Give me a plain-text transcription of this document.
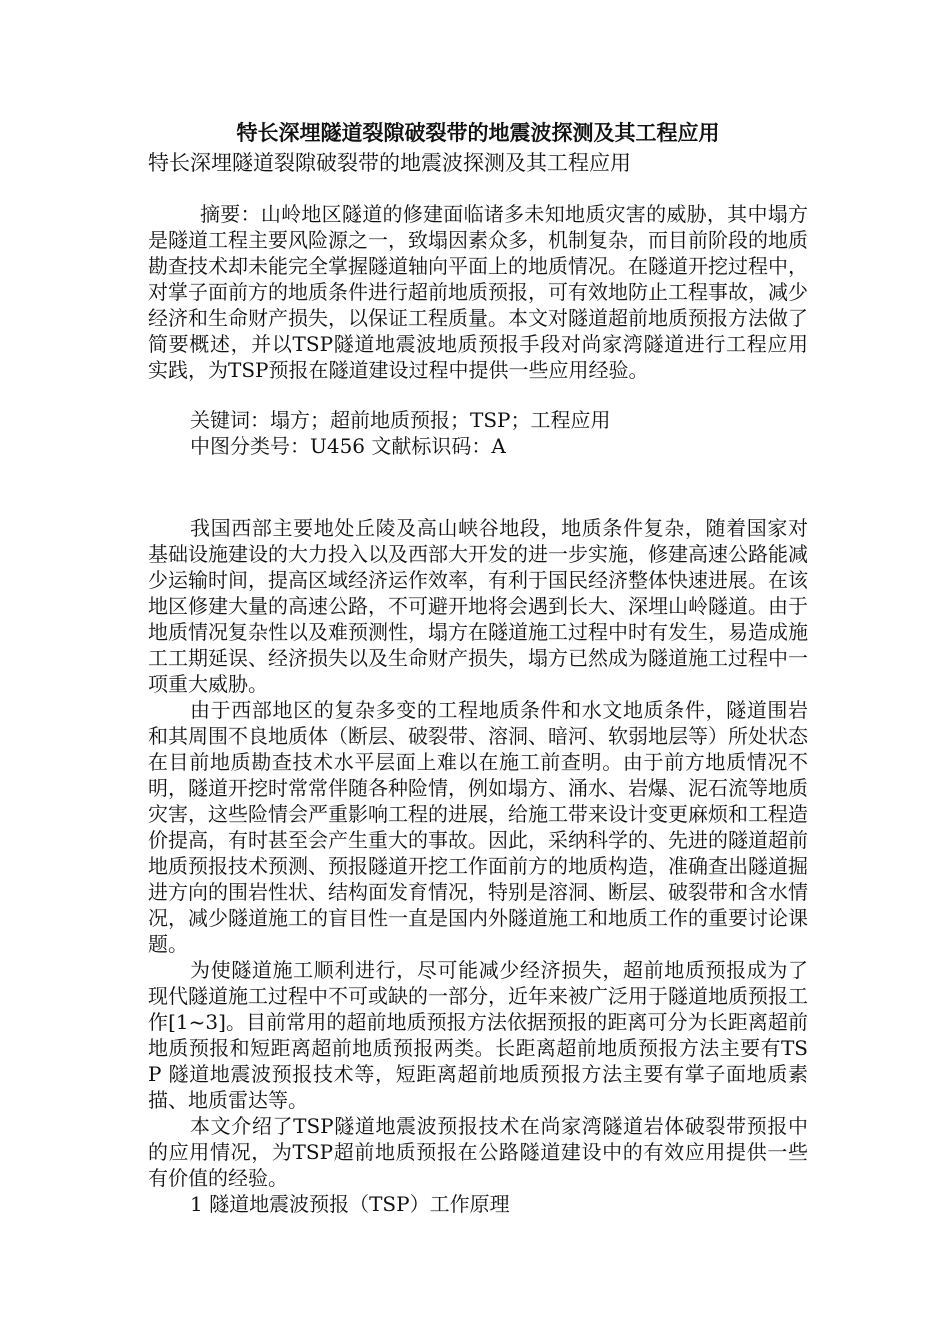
特长深埋隧道裂隙破裂带的地震波探测及其工程应用

特长深埋隧道裂隙破裂带的地震波探测及其工程应用

摘要：山岭地区隧道的修建面临诸多未知地质灾害的威胁，其中塌方是隧道工程主要风险源之一，致塌因素众多，机制复杂，而目前阶段的地质勘查技术却未能完全掌握隧道轴向平面上的地质情况。在隧道开挖过程中，对掌子面前方的地质条件进行超前地质预报，可有效地防止工程事故，减少经济和生命财产损失，以保证工程质量。本文对隧道超前地质预报方法做了简要概述，并以TSP隧道地震波地质预报手段对尚家湾隧道进行工程应用实践，为TSP预报在隧道建设过程中提供一些应用经验。

关键词：塌方；超前地质预报；TSP；工程应用

中图分类号：U456 文献标识码：A

我国西部主要地处丘陵及高山峡谷地段，地质条件复杂，随着国家对基础设施建设的大力投入以及西部大开发的进一步实施，修建高速公路能减少运输时间，提高区域经济运作效率，有利于国民经济整体快速进展。在该地区修建大量的高速公路，不可避开地将会遇到长大、深埋山岭隧道。由于地质情况复杂性以及难预测性，塌方在隧道施工过程中时有发生，易造成施工工期延误、经济损失以及生命财产损失，塌方已然成为隧道施工过程中一项重大威胁。

由于西部地区的复杂多变的工程地质条件和水文地质条件，隧道围岩和其周围不良地质体（断层、破裂带、溶洞、暗河、软弱地层等）所处状态在目前地质勘查技术水平层面上难以在施工前查明。由于前方地质情况不明，隧道开挖时常常伴随各种险情，例如塌方、涌水、岩爆、泥石流等地质灾害，这些险情会严重影响工程的进展，给施工带来设计变更麻烦和工程造价提高，有时甚至会产生重大的事故。因此，采纳科学的、先进的隧道超前地质预报技术预测、预报隧道开挖工作面前方的地质构造，准确查出隧道掘进方向的围岩性状、结构面发育情况，特别是溶洞、断层、破裂带和含水情况，减少隧道施工的盲目性一直是国内外隧道施工和地质工作的重要讨论课题。

为使隧道施工顺利进行，尽可能减少经济损失，超前地质预报成为了现代隧道施工过程中不可或缺的一部分，近年来被广泛用于隧道地质预报工作[1~3]。目前常用的超前地质预报方法依据预报的距离可分为长距离超前地质预报和短距离超前地质预报两类。长距离超前地质预报方法主要有TSP 隧道地震波预报技术等，短距离超前地质预报方法主要有掌子面地质素描、地质雷达等。

本文介绍了TSP隧道地震波预报技术在尚家湾隧道岩体破裂带预报中的应用情况，为TSP超前地质预报在公路隧道建设中的有效应用提供一些有价值的经验。

1 隧道地震波预报（TSP）工作原理
